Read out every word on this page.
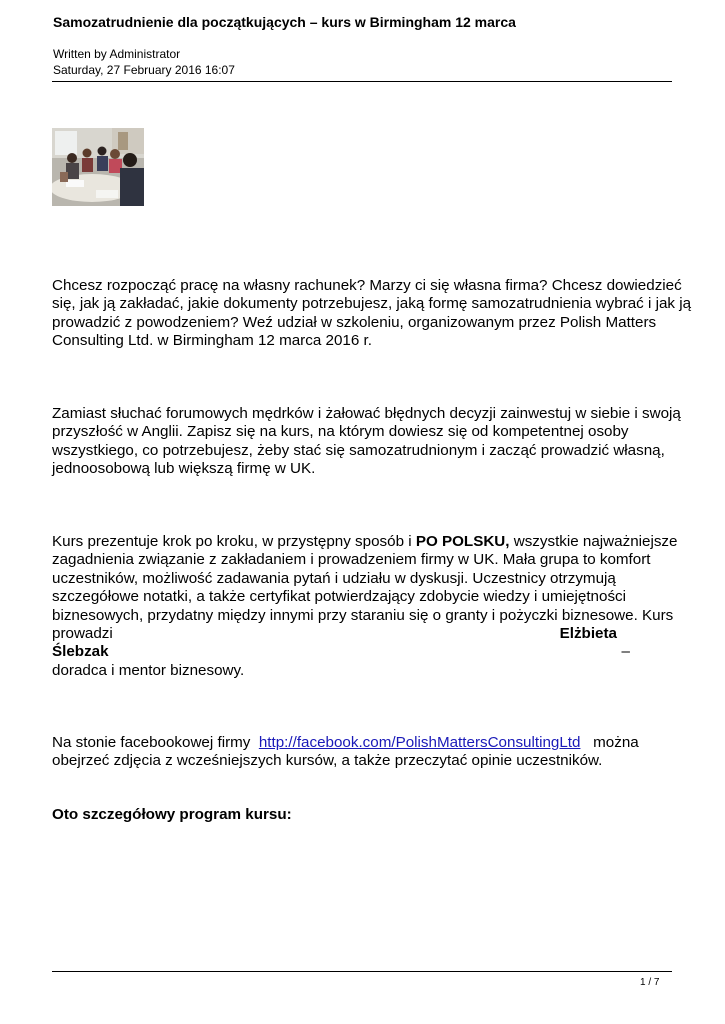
Samozatrudnienie dla początkujących – kurs w Birmingham 12 marca
Written by Administrator
Saturday, 27 February 2016 16:07
Chcesz rozpocząć pracę na własny rachunek? Marzy ci się własna firma? Chcesz dowiedzieć
się, jak ją zakładać, jakie dokumenty potrzebujesz, jaką formę samozatrudnienia wybrać i jak ją
prowadzić z powodzeniem? Weź udział w szkoleniu, organizowanym przez Polish Matters
Consulting Ltd. w Birmingham 12 marca 2016 r.
Zamiast słuchać forumowych mędrków i żałować błędnych decyzji zainwestuj w siebie i swoją
przyszłość w Anglii. Zapisz się na kurs, na którym dowiesz się od kompetentnej osoby
wszystkiego, co potrzebujesz, żeby stać się samozatrudnionym i zacząć prowadzić własną,
jednoosobową lub większą firmę w UK.
Kurs prezentuje krok po kroku, w przystępny sposób i PO POLSKU, wszystkie najważniejsze
zagadnienia związanie z zakładaniem i prowadzeniem firmy w UK. Mała grupa to komfort
uczestników, możliwość zadawania pytań i udziału w dyskusji. Uczestnicy otrzymują
szczegółowe notatki, a także certyfikat potwierdzający zdobycie wiedzy i umiejętności
biznesowych, przydatny między innymi przy staraniu się o granty i pożyczki biznesowe. Kurs
prowadzi	Elżbieta
Ślebzak	–
doradca i mentor biznesowy.
Na stonie facebookowej firmy http://facebook.com/PolishMattersConsultingLtd można
obejrzeć zdjęcia z wcześniejszych kursów, a także przeczytać opinie uczestników.
Oto szczegółowy program kursu:
1 / 7
